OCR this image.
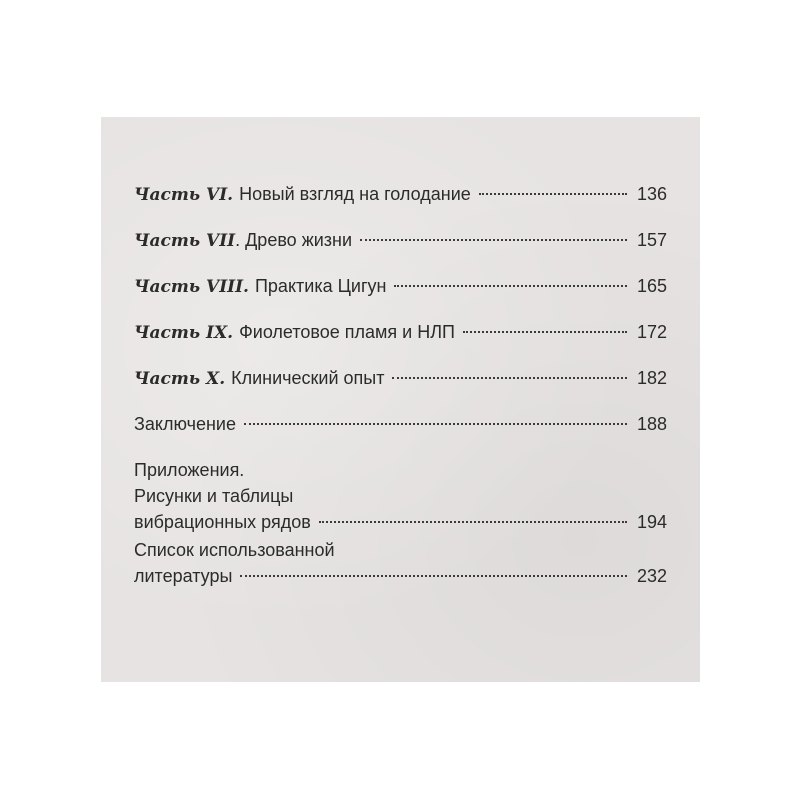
Часть VI. Новый взгляд на голодание	136
Часть VII . Древо жизни	157
Часть VIII. Практика Цигун	165
Часть IX. Фиолетовое пламя и НЛП	172
Часть X. Клинический опыт	182
Заключение	188
Приложения.
Рисунки и таблицы
вибрационных рядов	194
Список использованной
литературы	232
